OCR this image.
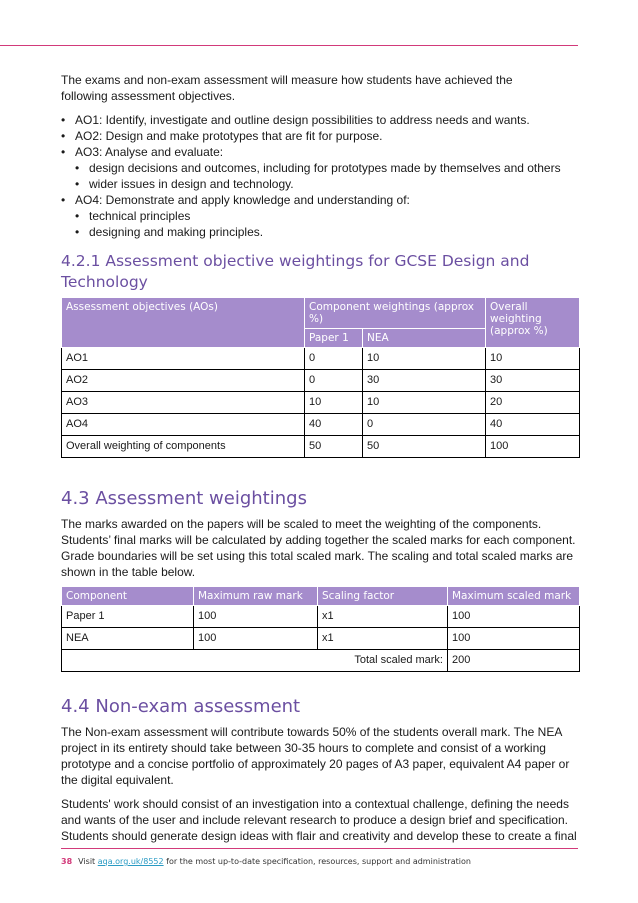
The exams and non-exam assessment will measure how students have achieved the following assessment objectives.

• AO1: Identify, investigate and outline design possibilities to address needs and wants.
• AO2: Design and make prototypes that are fit for purpose.
• AO3: Analyse and evaluate:
• design decisions and outcomes, including for prototypes made by themselves and others
• wider issues in design and technology.
• AO4: Demonstrate and apply knowledge and understanding of:
• technical principles
• designing and making principles.
4.2.1 Assessment objective weightings for GCSE Design and Technology
Assessment objectives (AOs)	Component weightings (approx %)		Overall weighting (approx %)
	Paper 1	NEA	
AO1	0	10	10
AO2	0	30	30
AO3	10	10	20
AO4	40	0	40
Overall weighting of components	50	50	100
4.3 Assessment weightings

The marks awarded on the papers will be scaled to meet the weighting of the components. Students’ final marks will be calculated by adding together the scaled marks for each component. Grade boundaries will be set using this total scaled mark. The scaling and total scaled marks are shown in the table below.

Component	Maximum raw mark	Scaling factor	Maximum scaled mark
Paper 1	100	x1	100
NEA	100	x1	100
Total scaled mark:			200
4.4 Non-exam assessment

The Non-exam assessment will contribute towards 50% of the students overall mark. The NEA project in its entirety should take between 30-35 hours to complete and consist of a working prototype and a concise portfolio of approximately 20 pages of A3 paper, equivalent A4 paper or the digital equivalent.

Students' work should consist of an investigation into a contextual challenge, defining the needs and wants of the user and include relevant research to produce a design brief and specification. Students should generate design ideas with flair and creativity and develop these to create a final

38 Visit aqa.org.uk/8552 for the most up-to-date specification, resources, support and administration
